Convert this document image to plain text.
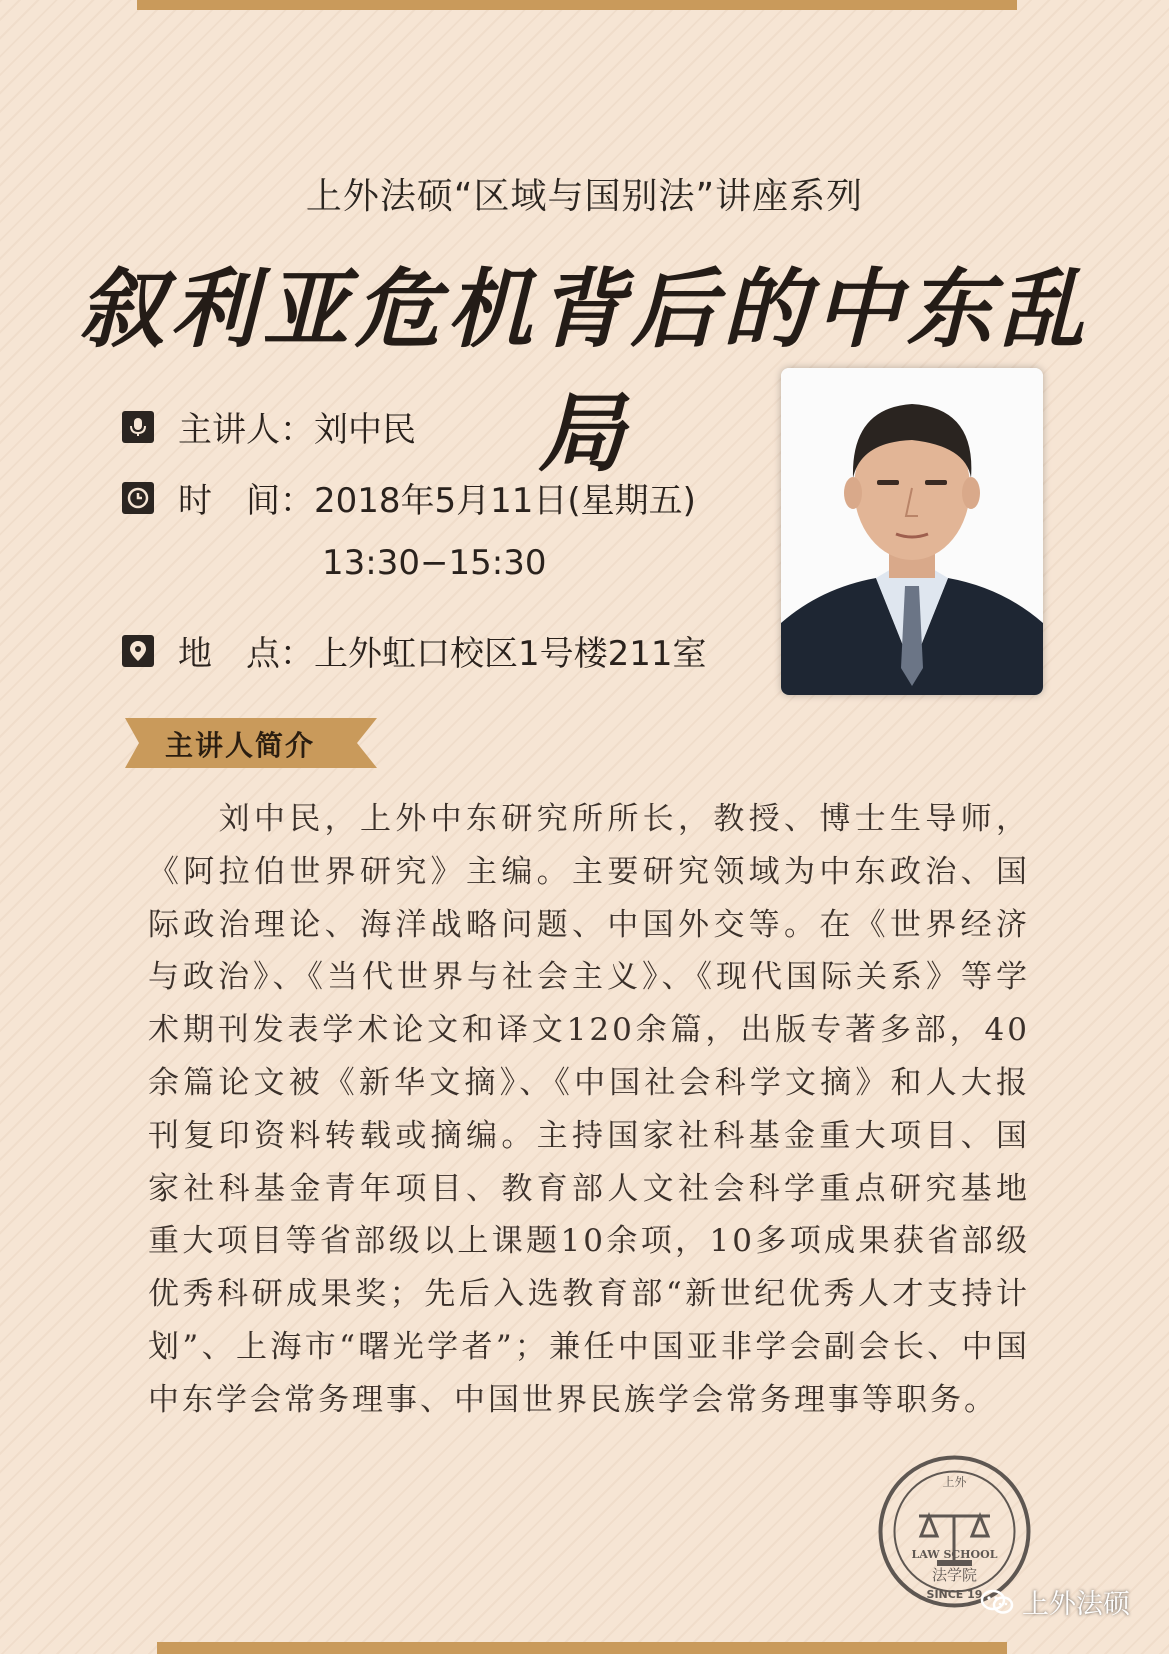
上外法硕“区域与国别法”讲座系列
叙利亚危机背后的中东乱局
主讲人： 刘中民
时　间： 2018年5月11日(星期五)
13:30−15:30
地　点： 上外虹口校区1号楼211室
主讲人简介
　　刘中民，上外中东研究所所长，教授、博士生导师，《阿拉伯世界研究》主编。主要研究领域为中东政治、国际政治理论、海洋战略问题、中国外交等。在《世界经济与政治》、《当代世界与社会主义》、《现代国际关系》等学术期刊发表学术论文和译文120余篇，出版专著多部，40余篇论文被《新华文摘》、《中国社会科学文摘》和人大报刊复印资料转载或摘编。主持国家社科基金重大项目、国家社科基金青年项目、教育部人文社会科学重点研究基地重大项目等省部级以上课题10余项，10多项成果获省部级优秀科研成果奖；先后入选教育部“新世纪优秀人才支持计划”、上海市“曙光学者”；兼任中国亚非学会副会长、中国中东学会常务理事、中国世界民族学会常务理事等职务。
上外
LAW SCHOOL
法学院
SINCE 19 上外法硕
